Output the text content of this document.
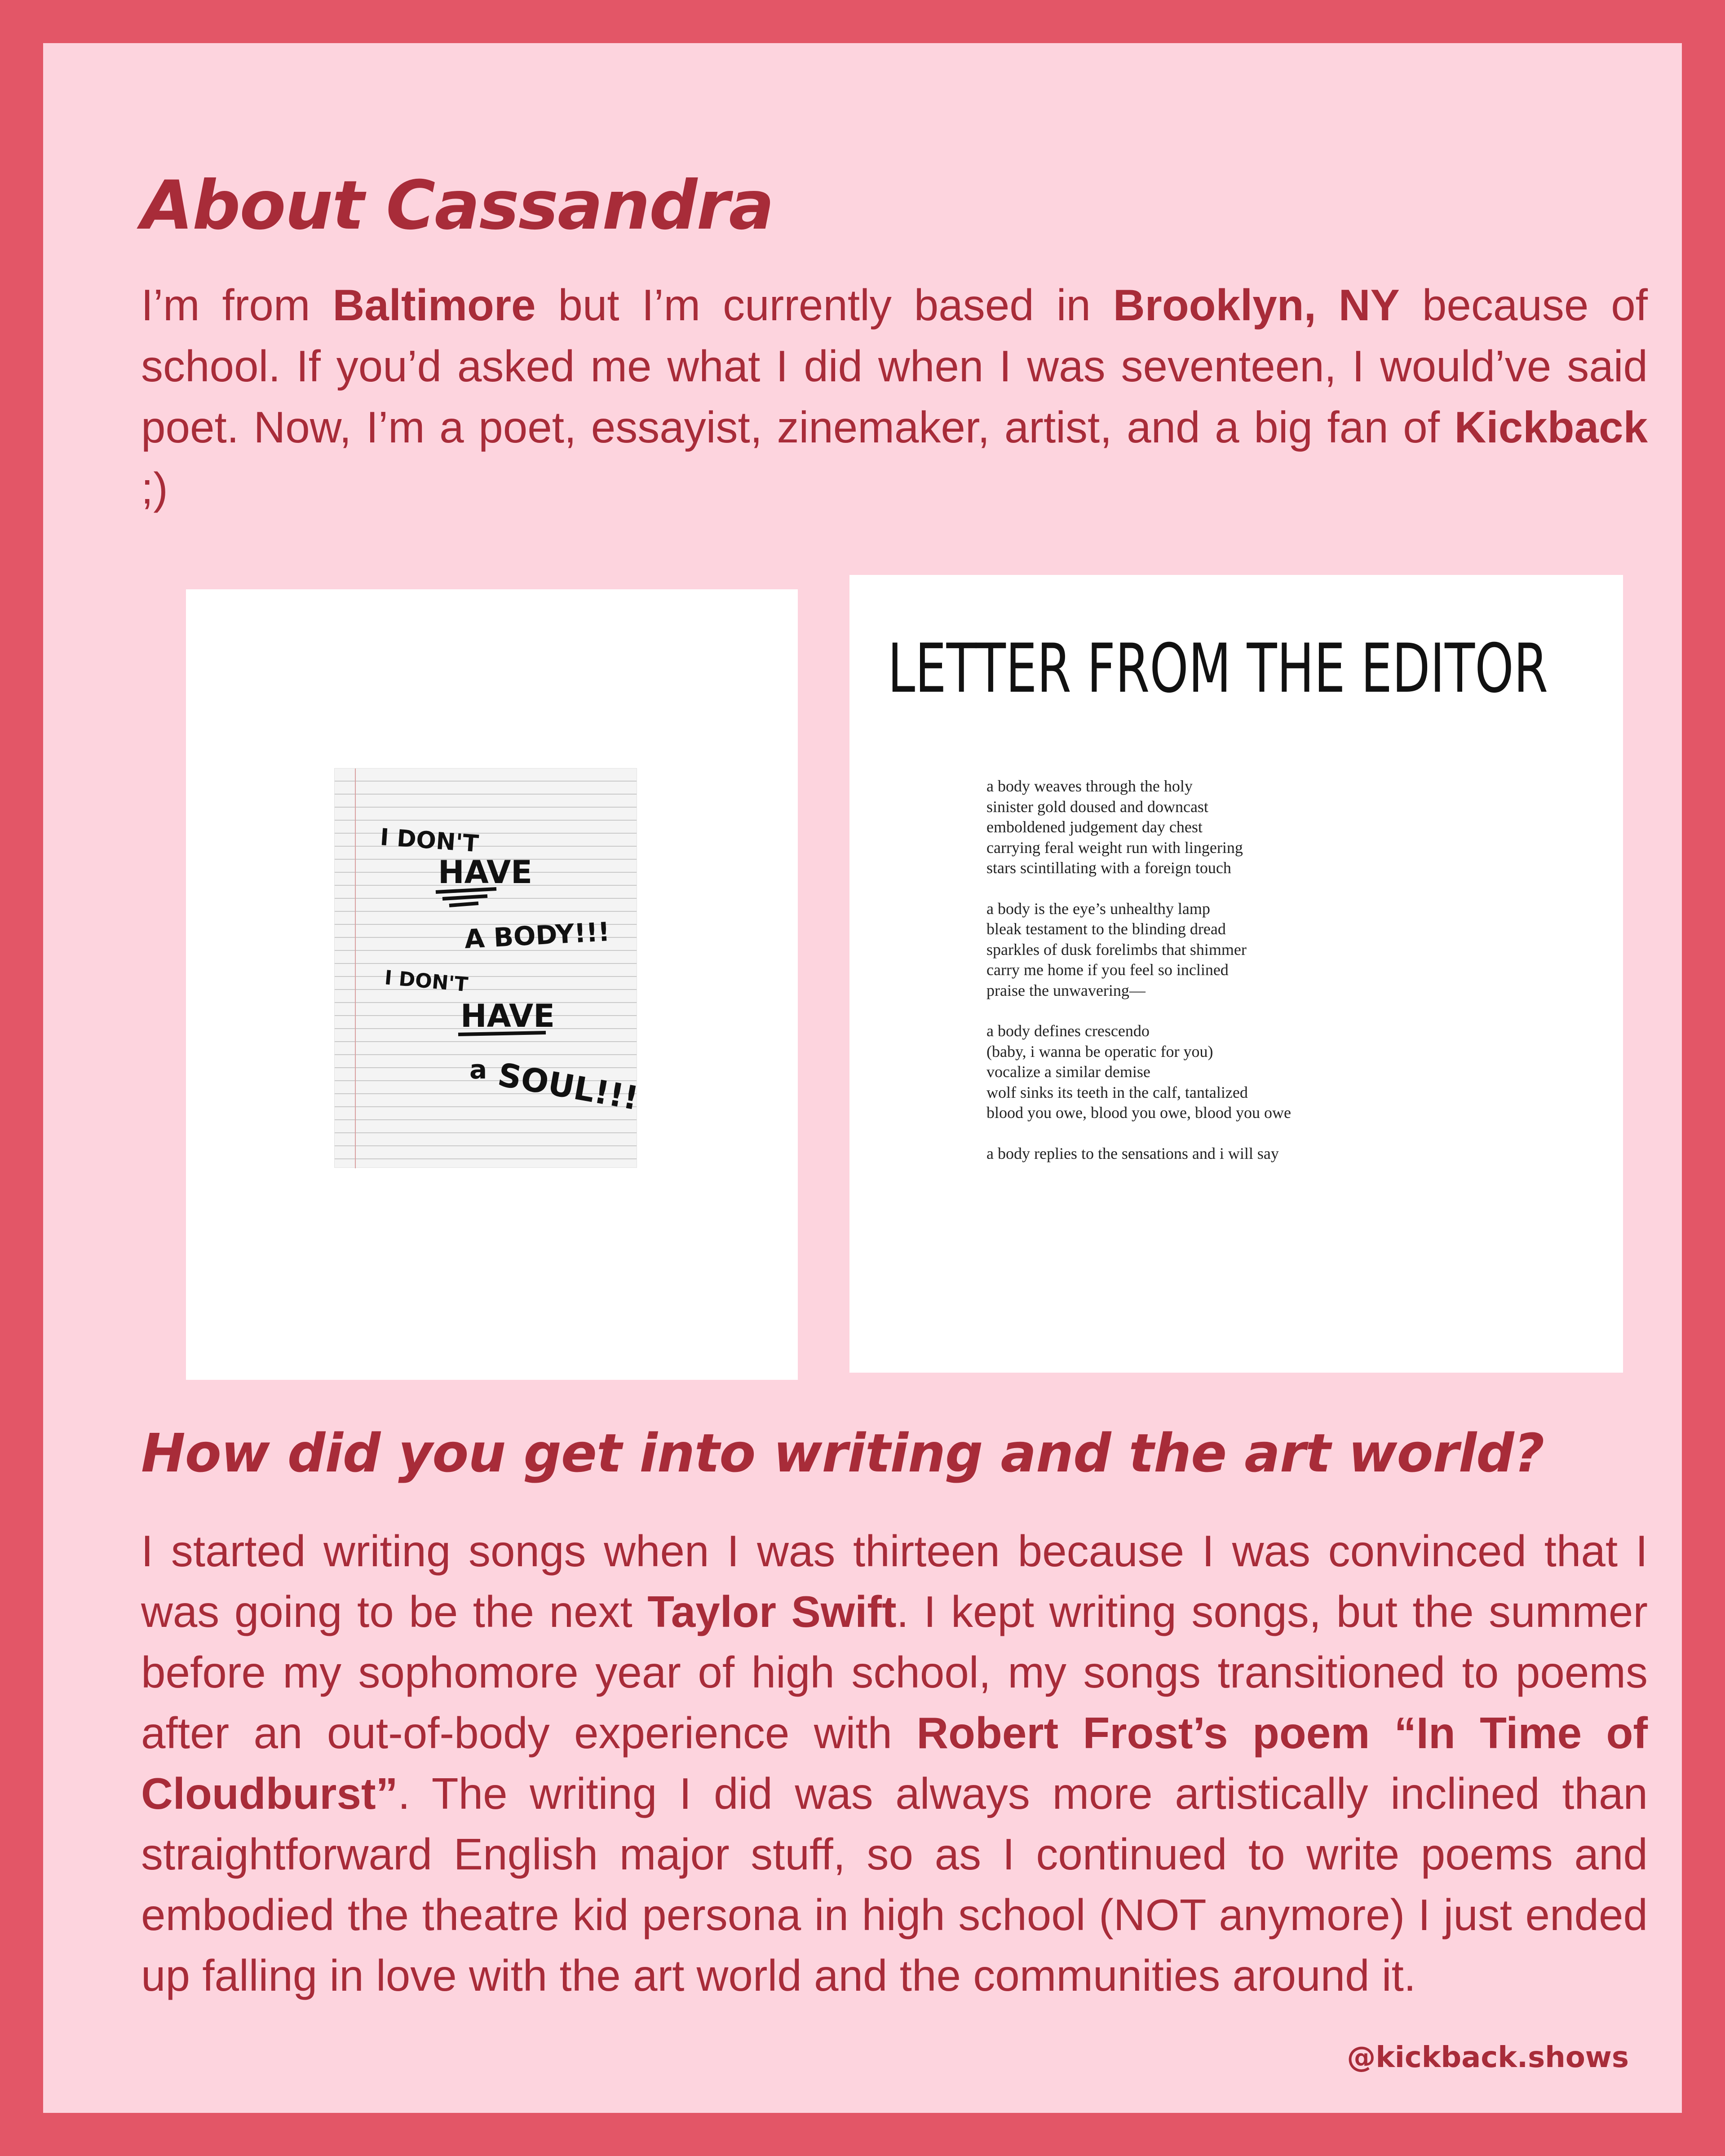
About Cassandra

I’m from Baltimore but I’m currently based in Brooklyn, NY because of school. If you’d asked me what I did when I was seventeen, I would’ve said poet. Now, I’m a poet, essayist, zinemaker, artist, and a big fan of Kickback ;)

I DON'T
HAVE
A BODY!!!
I DON'T
HAVE
a SOUL!!!
LETTER FROM THE EDITOR
a body weaves through the holy
sinister gold doused and downcast
emboldened judgement day chest
carrying feral weight run with lingering
stars scintillating with a foreign touch
a body is the eye’s unhealthy lamp
bleak testament to the blinding dread
sparkles of dusk forelimbs that shimmer
carry me home if you feel so inclined
praise the unwavering—
a body defines crescendo
(baby, i wanna be operatic for you)
vocalize a similar demise
wolf sinks its teeth in the calf, tantalized
blood you owe, blood you owe, blood you owe
a body replies to the sensations and i will say
How did you get into writing and the art world?

I started writing songs when I was thirteen because I was convinced that I was going to be the next Taylor Swift. I kept writing songs, but the summer before my sophomore year of high school, my songs transitioned to poems after an out-of-body experience with Robert Frost’s poem “In Time of Cloudburst”. The writing I did was always more artistically inclined than straightforward English major stuff, so as I continued to write poems and embodied the theatre kid persona in high school (NOT anymore) I just ended up falling in love with the art world and the communities around it.

@kickback.shows
